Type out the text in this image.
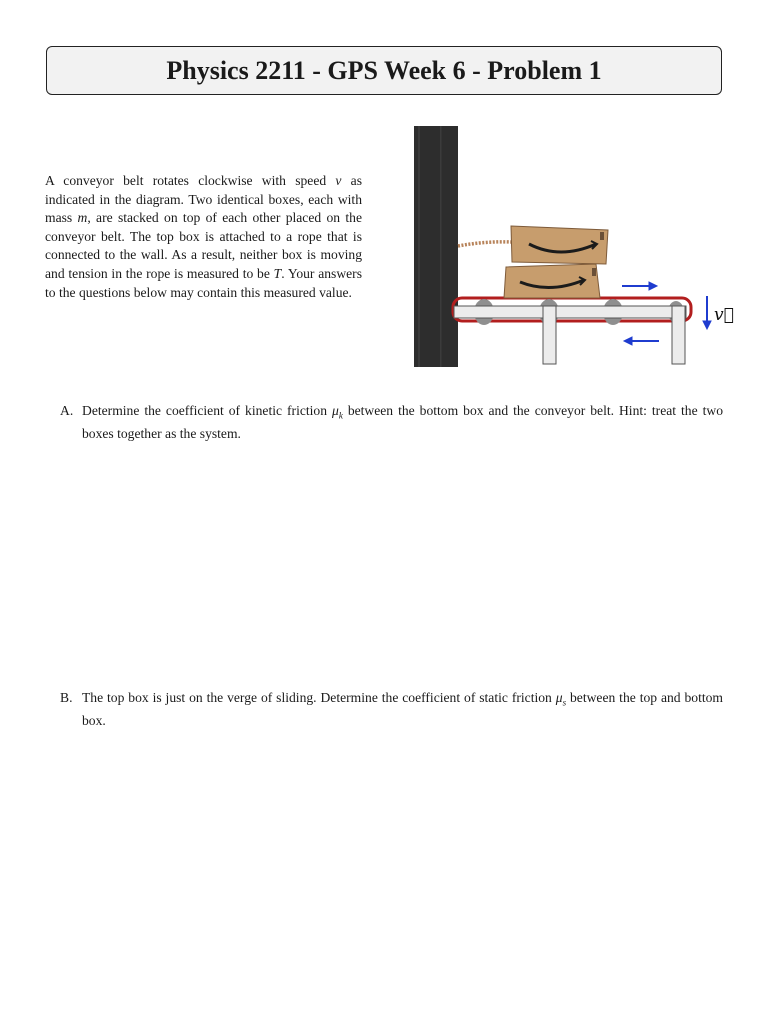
Physics 2211 - GPS Week 6 - Problem 1

A conveyor belt rotates clockwise with speed v as indicated in the diagram. Two identical boxes, each with mass m, are stacked on top of each other placed on the conveyor belt. The top box is attached to a rope that is connected to the wall. As a result, neither box is moving and tension in the rope is measured to be T. Your answers to the questions below may contain this measured value.

v⃗
A. Determine the coefficient of kinetic friction $\mu_k$ between the bottom box and the conveyor belt. Hint: treat the two boxes together as the system.
B. The top box is just on the verge of sliding. Determine the coefficient of static friction $\mu_s$ between the top and bottom box.
